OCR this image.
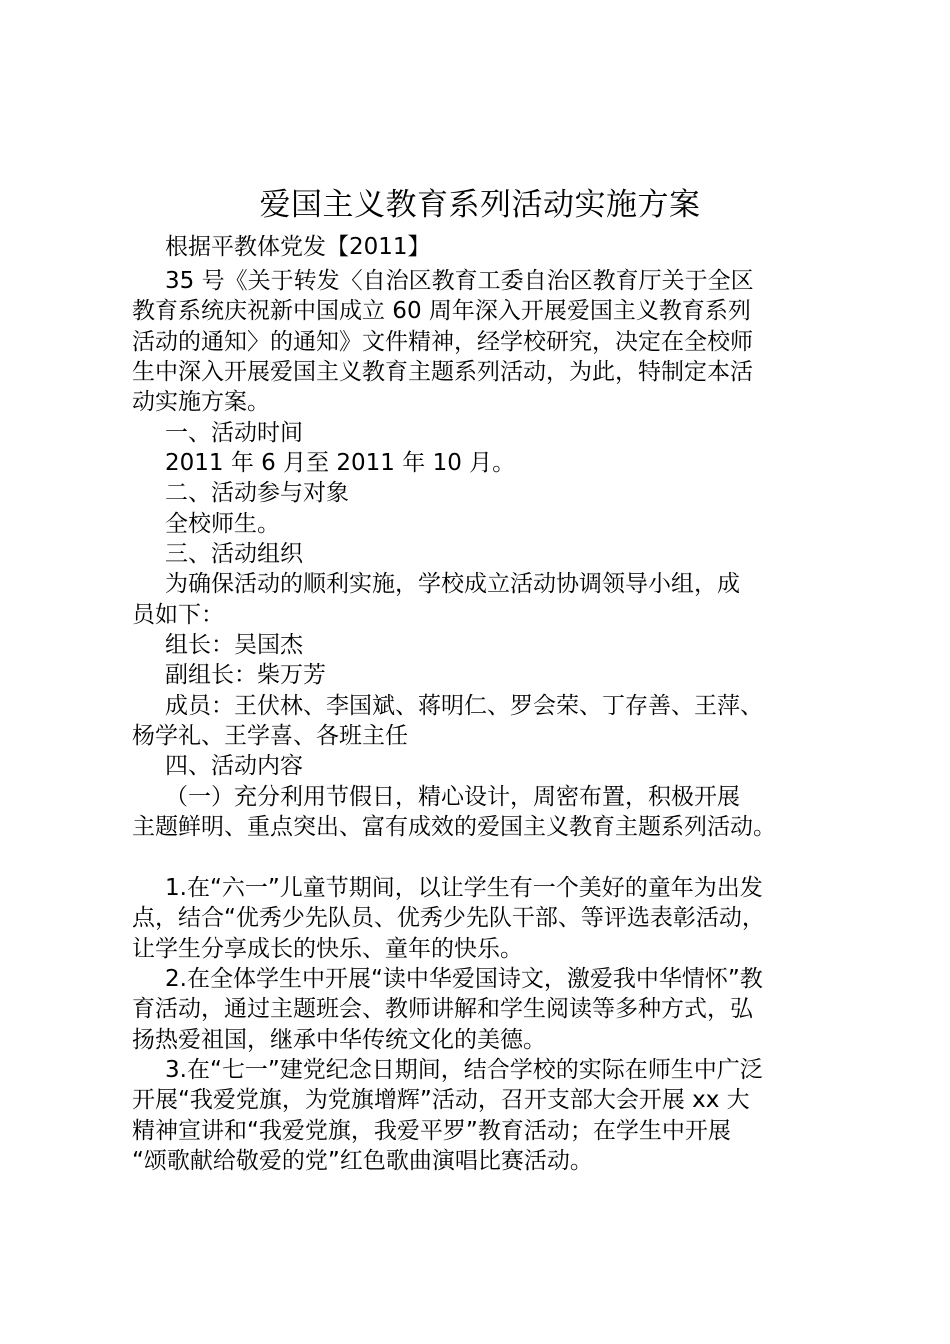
爱国主义教育系列活动实施方案
根据平教体党发【2011】
35 号《关于转发〈自治区教育工委自治区教育厅关于全区
教育系统庆祝新中国成立 60 周年深入开展爱国主义教育系列
活动的通知〉的通知》文件精神，经学校研究，决定在全校师
生中深入开展爱国主义教育主题系列活动，为此，特制定本活
动实施方案。
一、活动时间
2011 年 6 月至 2011 年 10 月。
二、活动参与对象
全校师生。
三、活动组织
为确保活动的顺利实施，学校成立活动协调领导小组，成
员如下：
组长：吴国杰
副组长：柴万芳
成员：王伏林、李国斌、蒋明仁、罗会荣、丁存善、王萍、
杨学礼、王学喜、各班主任
四、活动内容
（一）充分利用节假日，精心设计，周密布置，积极开展
主题鲜明、重点突出、富有成效的爱国主义教育主题系列活动。
1.在“六一”儿童节期间，以让学生有一个美好的童年为出发
点，结合“优秀少先队员、优秀少先队干部、等评选表彰活动，
让学生分享成长的快乐、童年的快乐。
2.在全体学生中开展“读中华爱国诗文，激爱我中华情怀”教
育活动，通过主题班会、教师讲解和学生阅读等多种方式，弘
扬热爱祖国，继承中华传统文化的美德。
3.在“七一”建党纪念日期间，结合学校的实际在师生中广泛
开展“我爱党旗，为党旗增辉”活动，召开支部大会开展 xx 大
精神宣讲和“我爱党旗，我爱平罗”教育活动；在学生中开展
“颂歌献给敬爱的党”红色歌曲演唱比赛活动。
